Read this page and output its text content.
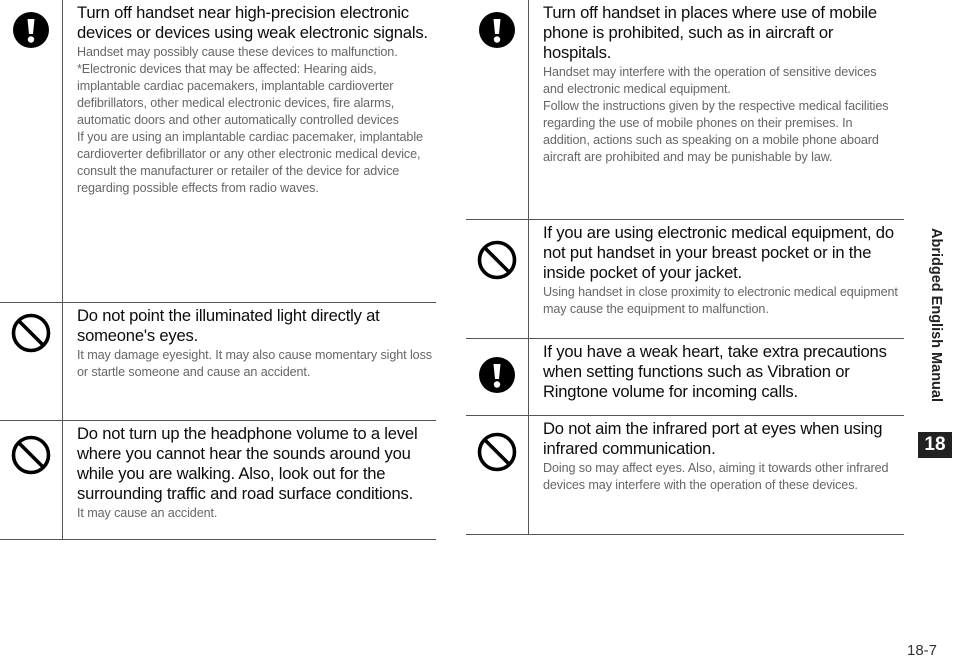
Turn off handset near high-precision electronic devices or devices using weak electronic signals.

Handset may possibly cause these devices to malfunction.

*Electronic devices that may be affected: Hearing aids, implantable cardiac pacemakers, implantable cardioverter defibrillators, other medical electronic devices, fire alarms, automatic doors and other automatically controlled devices

If you are using an implantable cardiac pacemaker, implantable cardioverter defibrillator or any other electronic medical device, consult the manufacturer or retailer of the device for advice regarding possible effects from radio waves.

Do not point the illuminated light directly at someone's eyes.

It may damage eyesight. It may also cause momentary sight loss or startle someone and cause an accident.

Do not turn up the headphone volume to a level where you cannot hear the sounds around you while you are walking. Also, look out for the surrounding traffic and road surface conditions.

It may cause an accident.

Turn off handset in places where use of mobile phone is prohibited, such as in aircraft or hospitals.

Handset may interfere with the operation of sensitive devices and electronic medical equipment.

Follow the instructions given by the respective medical facilities regarding the use of mobile phones on their premises. In addition, actions such as speaking on a mobile phone aboard aircraft are prohibited and may be punishable by law.

If you are using electronic medical equipment, do not put handset in your breast pocket or in the inside pocket of your jacket.

Using handset in close proximity to electronic medical equipment may cause the equipment to malfunction.

If you have a weak heart, take extra precautions when setting functions such as Vibration or Ringtone volume for incoming calls.
Do not aim the infrared port at eyes when using infrared communication.

Doing so may affect eyes. Also, aiming it towards other infrared devices may interfere with the operation of these devices.

Abridged English Manual
18
18-7
